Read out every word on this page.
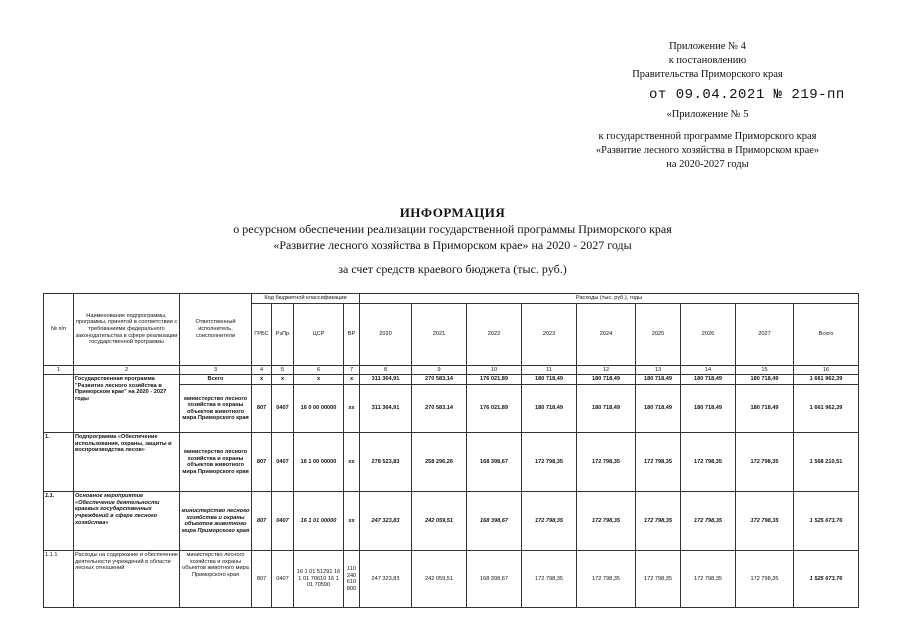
Приложение № 4
к постановлению
Правительства Приморского края
от 09.04.2021 № 219-пп
«Приложение № 5
к государственной программе Приморского края
«Развитие лесного хозяйства в Приморском крае»
на 2020-2027 годы
ИНФОРМАЦИЯ
о ресурсном обеспечении реализации государственной программы Приморского края
«Развитие лесного хозяйства в Приморском крае» на 2020 - 2027 годы
за счет средств краевого бюджета (тыс. руб.)
№ п/п	Наименование подпрограммы, программы, принятой в соответствии с требованиями федерального законодательства в сфере реализации государственной программы	Ответственный исполнитель, соисполнители	Код бюджетной классификации				Расходы (тыс. руб.), годы								
			ГРБС	РзПр	ЦСР	ВР	2020	2021	2022	2023	2024	2025	2026	2027	Всего
1	2	3	4	5	6	7	8	9	10	11	12	13	14	15	16
	Государственная программа "Развитие лесного хозяйства в Приморском крае" на 2020 - 2027 годы	Всего	х	х	х	х	311 364,91	270 583,14	176 021,89	180 718,49	180 718,49	180 718,49	180 718,49	180 718,49	1 661 962,39
		министерство лесного хозяйства и охраны объектов животного мира Приморского края	807	0407	16 0 00 00000	хх	311 364,91	270 583,14	176 021,89	180 718,49	180 718,49	180 718,49	180 718,49	180 718,49	1 661 962,39
1.	Подпрограмма «Обеспечение использования, охраны, защиты и воспроизводства лесов»	министерство лесного хозяйства и охраны объектов животного мира Приморского края	807	0407	16 1 00 00000	хх	278 523,83	258 296,26	168 398,67	172 798,35	172 798,35	172 798,35	172 798,35	172 798,35	1 568 210,51
1.1.	Основное мероприятие «Обеспечение деятельности краевых государственных учреждений в сфере лесного хозяйства»	министерство лесного хозяйства и охраны объектов животного мира Приморского края	807	0407	16 1 01 00000	хх	247 323,83	242 059,51	168 398,67	172 798,35	172 798,35	172 798,35	172 798,35	172 798,35	1 525 673,76
1.1.1	Расходы на содержание и обеспечение деятельности учреждений в области лесных отношений	министерство лесного хозяйства и охраны объектов животного мира Приморского края	807	0407	16 1 01 51291 16 1 01 70610 16 1 01 70590	110 240 610 800	247 323,83	242 059,51	168 398,67	172 798,35	172 798,35	172 798,35	172 798,35	172 798,35	1 525 673,76
